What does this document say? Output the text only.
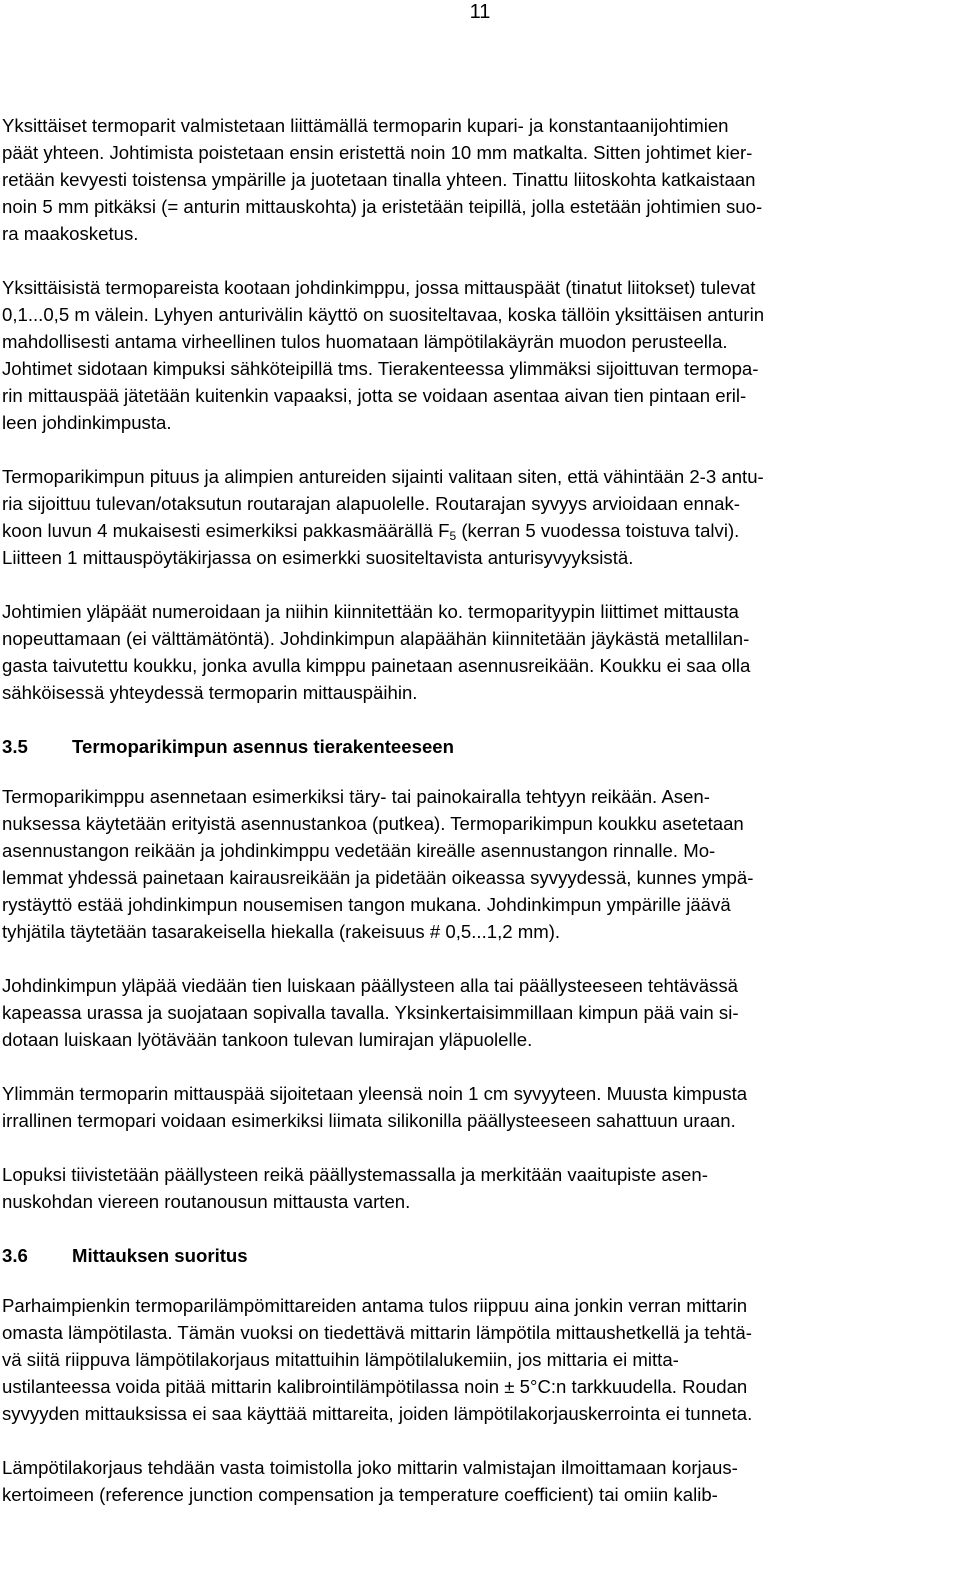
11
Yksittäiset termoparit valmistetaan liittämällä termoparin kupari- ja konstantaanijohtimien
päät yhteen. Johtimista poistetaan ensin eristettä noin 10 mm matkalta. Sitten johtimet kier-
retään kevyesti toistensa ympärille ja juotetaan tinalla yhteen. Tinattu liitoskohta katkaistaan
noin 5 mm pitkäksi (= anturin mittauskohta) ja eristetään teipillä, jolla estetään johtimien suo-
ra maakosketus.
Yksittäisistä termopareista kootaan johdinkimppu, jossa mittauspäät (tinatut liitokset) tulevat
0,1...0,5 m välein. Lyhyen anturivälin käyttö on suositeltavaa, koska tällöin yksittäisen anturin
mahdollisesti antama virheellinen tulos huomataan lämpötilakäyrän muodon perusteella.
Johtimet sidotaan kimpuksi sähköteipillä tms. Tierakenteessa ylimmäksi sijoittuvan termopa-
rin mittauspää jätetään kuitenkin vapaaksi, jotta se voidaan asentaa aivan tien pintaan eril-
leen johdinkimpusta.
Termoparikimpun pituus ja alimpien antureiden sijainti valitaan siten, että vähintään 2-3 antu-
ria sijoittuu tulevan/otaksutun routarajan alapuolelle. Routarajan syvyys arvioidaan ennak-
koon luvun 4 mukaisesti esimerkiksi pakkasmäärällä $F_5$ (kerran 5 vuodessa toistuva talvi).
Liitteen 1 mittauspöytäkirjassa on esimerkki suositeltavista anturisyvyyksistä.
Johtimien yläpäät numeroidaan ja niihin kiinnitettään ko. termoparityypin liittimet mittausta
nopeuttamaan (ei välttämätöntä). Johdinkimpun alapäähän kiinnitetään jäykästä metallilan-
gasta taivutettu koukku, jonka avulla kimppu painetaan asennusreikään. Koukku ei saa olla
sähköisessä yhteydessä termoparin mittauspäihin.
3.5 Termoparikimpun asennus tierakenteeseen
Termoparikimppu asennetaan esimerkiksi täry- tai painokairalla tehtyyn reikään. Asen-
nuksessa käytetään erityistä asennustankoa (putkea). Termoparikimpun koukku asetetaan
asennustangon reikään ja johdinkimppu vedetään kireälle asennustangon rinnalle. Mo-
lemmat yhdessä painetaan kairausreikään ja pidetään oikeassa syvyydessä, kunnes ympä-
rystäyttö estää johdinkimpun nousemisen tangon mukana. Johdinkimpun ympärille jäävä
tyhjätila täytetään tasarakeisella hiekalla (rakeisuus # 0,5...1,2 mm).
Johdinkimpun yläpää viedään tien luiskaan päällysteen alla tai päällysteeseen tehtävässä
kapeassa urassa ja suojataan sopivalla tavalla. Yksinkertaisimmillaan kimpun pää vain si-
dotaan luiskaan lyötävään tankoon tulevan lumirajan yläpuolelle.
Ylimmän termoparin mittauspää sijoitetaan yleensä noin 1 cm syvyyteen. Muusta kimpusta
irrallinen termopari voidaan esimerkiksi liimata silikonilla päällysteeseen sahattuun uraan.
Lopuksi tiivistetään päällysteen reikä päällystemassalla ja merkitään vaaitupiste asen-
nuskohdan viereen routanousun mittausta varten.
3.6 Mittauksen suoritus
Parhaimpienkin termoparilämpömittareiden antama tulos riippuu aina jonkin verran mittarin
omasta lämpötilasta. Tämän vuoksi on tiedettävä mittarin lämpötila mittaushetkellä ja tehtä-
vä siitä riippuva lämpötilakorjaus mitattuihin lämpötilalukemiin, jos mittaria ei mitta-
ustilanteessa voida pitää mittarin kalibrointilämpötilassa noin ± 5°C:n tarkkuudella. Roudan
syvyyden mittauksissa ei saa käyttää mittareita, joiden lämpötilakorjauskerrointa ei tunneta.
Lämpötilakorjaus tehdään vasta toimistolla joko mittarin valmistajan ilmoittamaan korjaus-
kertoimeen (reference junction compensation ja temperature coefficient) tai omiin kalib-
